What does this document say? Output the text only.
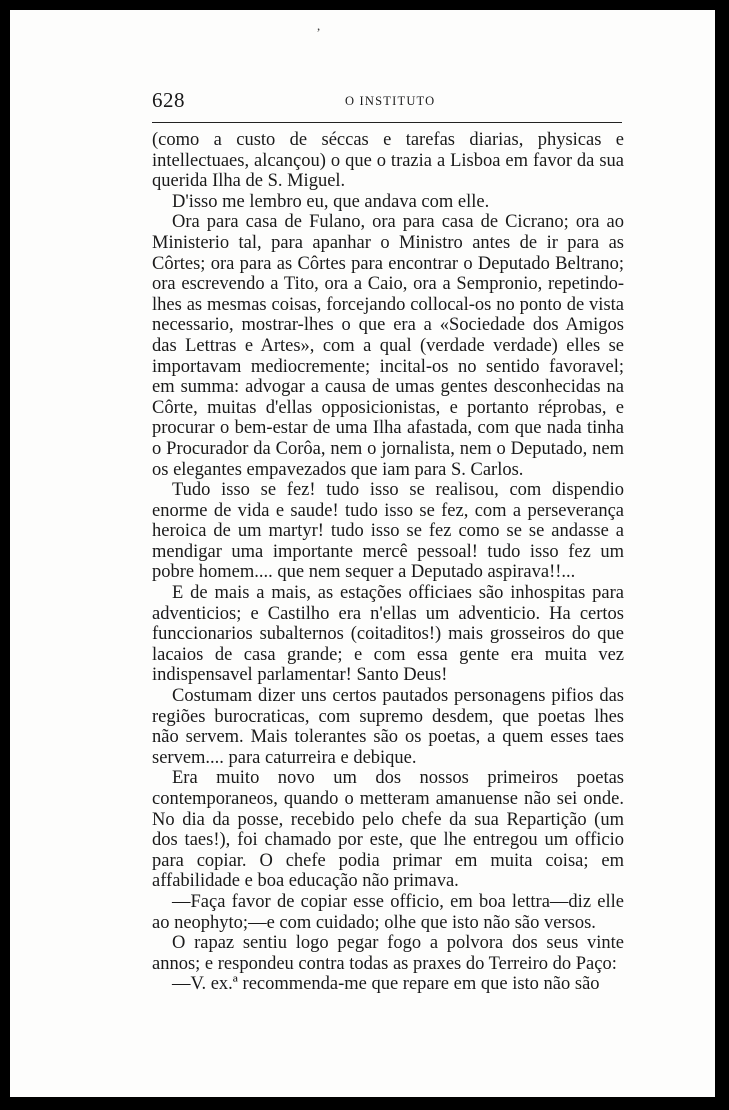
,
628	O INSTITUTO

(como a custo de séccas e tarefas diarias, physicas e intellectuaes, alcançou) o que o trazia a Lisboa em favor da sua querida Ilha de S. Miguel.

D'isso me lembro eu, que andava com elle.

Ora para casa de Fulano, ora para casa de Cicrano; ora ao Ministerio tal, para apanhar o Ministro antes de ir para as Côrtes; ora para as Côrtes para encontrar o Deputado Beltrano; ora escrevendo a Tito, ora a Caio, ora a Sempronio, repetindo-lhes as mesmas coisas, forcejando collocal-os no ponto de vista necessario, mostrar-lhes o que era a «Sociedade dos Amigos das Lettras e Artes», com a qual (verdade verdade) elles se importavam mediocremente; incital-os no sentido favoravel; em summa: advogar a causa de umas gentes desconhecidas na Côrte, muitas d'ellas opposicionistas, e portanto réprobas, e procurar o bem-estar de uma Ilha afastada, com que nada tinha o Procurador da Corôa, nem o jornalista, nem o Deputado, nem os elegantes empavezados que iam para S. Carlos.

Tudo isso se fez! tudo isso se realisou, com dispendio enorme de vida e saude! tudo isso se fez, com a perseverança heroica de um martyr! tudo isso se fez como se se andasse a mendigar uma importante mercê pessoal! tudo isso fez um pobre homem.... que nem sequer a Deputado aspirava!!...

E de mais a mais, as estações officiaes são inhospitas para adventicios; e Castilho era n'ellas um adventicio. Ha certos funccionarios subalternos (coitaditos!) mais grosseiros do que lacaios de casa grande; e com essa gente era muita vez indispensavel parlamentar! Santo Deus!

Costumam dizer uns certos pautados personagens pifios das regiões burocraticas, com supremo desdem, que poetas lhes não servem. Mais tolerantes são os poetas, a quem esses taes servem.... para caturreira e debique.

Era muito novo um dos nossos primeiros poetas contemporaneos, quando o metteram amanuense não sei onde. No dia da posse, recebido pelo chefe da sua Repartição (um dos taes!), foi chamado por este, que lhe entregou um officio para copiar. O chefe podia primar em muita coisa; em affabilidade e boa educação não primava.

—Faça favor de copiar esse officio, em boa lettra—diz elle ao neophyto;—e com cuidado; olhe que isto não são versos.

O rapaz sentiu logo pegar fogo a polvora dos seus vinte annos; e respondeu contra todas as praxes do Terreiro do Paço:

—V. ex.ª recommenda-me que repare em que isto não são
